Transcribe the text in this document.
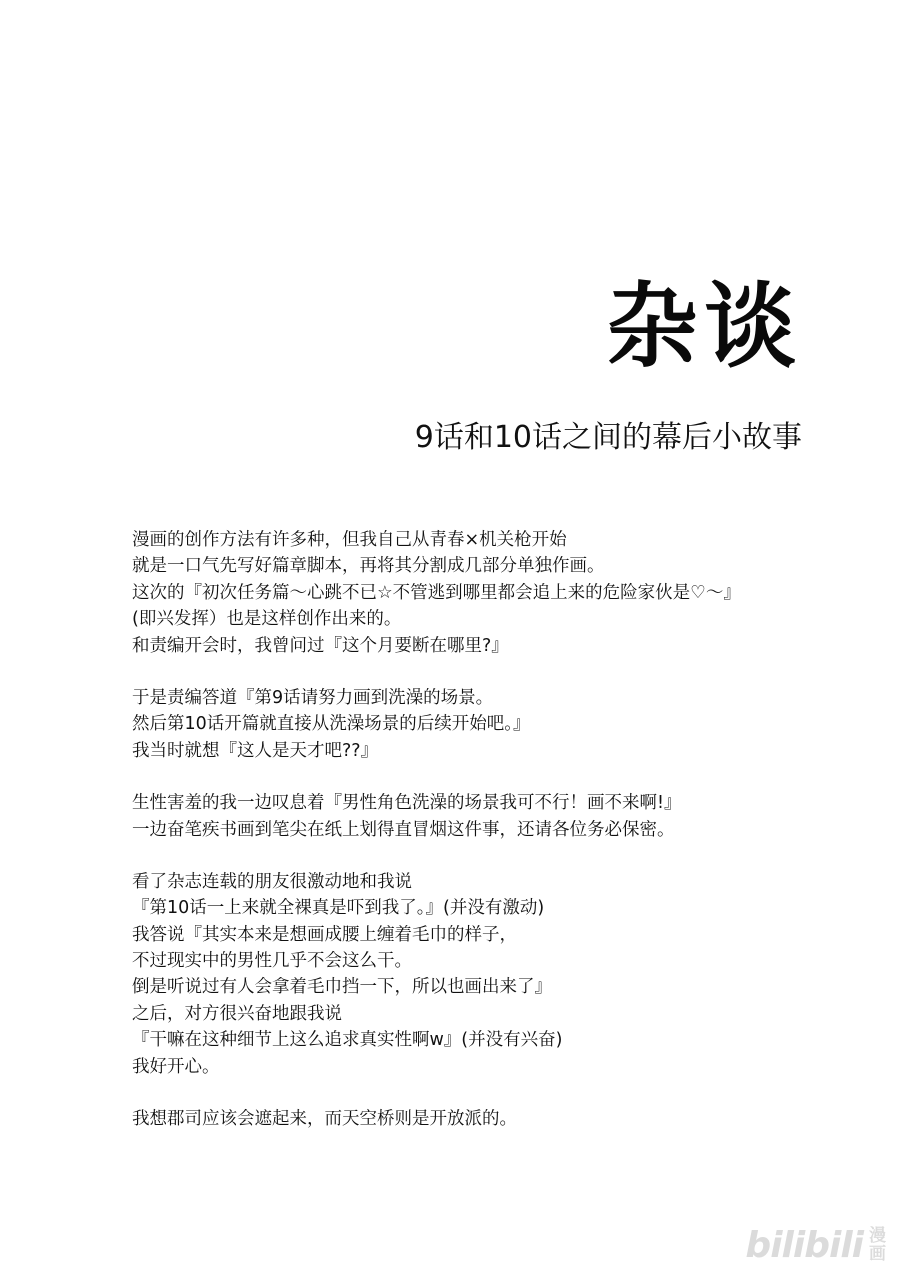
杂谈
9话和10话之间的幕后小故事
漫画的创作方法有许多种，但我自己从青春×机关枪开始
就是一口气先写好篇章脚本，再将其分割成几部分单独作画。
这次的『初次任务篇〜心跳不已☆不管逃到哪里都会追上来的危险家伙是♡〜』
(即兴发挥）也是这样创作出来的。
和责编开会时，我曾问过『这个月要断在哪里?』
于是责编答道『第9话请努力画到洗澡的场景。
然后第10话开篇就直接从洗澡场景的后续开始吧。』
我当时就想『这人是天才吧??』
生性害羞的我一边叹息着『男性角色洗澡的场景我可不行！画不来啊!』
一边奋笔疾书画到笔尖在纸上划得直冒烟这件事，还请各位务必保密。
看了杂志连载的朋友很激动地和我说
『第10话一上来就全裸真是吓到我了。』(并没有激动)
我答说『其实本来是想画成腰上缠着毛巾的样子，
不过现实中的男性几乎不会这么干。
倒是听说过有人会拿着毛巾挡一下，所以也画出来了』
之后，对方很兴奋地跟我说
『干嘛在这种细节上这么追求真实性啊w』(并没有兴奋)
我好开心。
我想郡司应该会遮起来，而天空桥则是开放派的。
bilibili 漫
画
